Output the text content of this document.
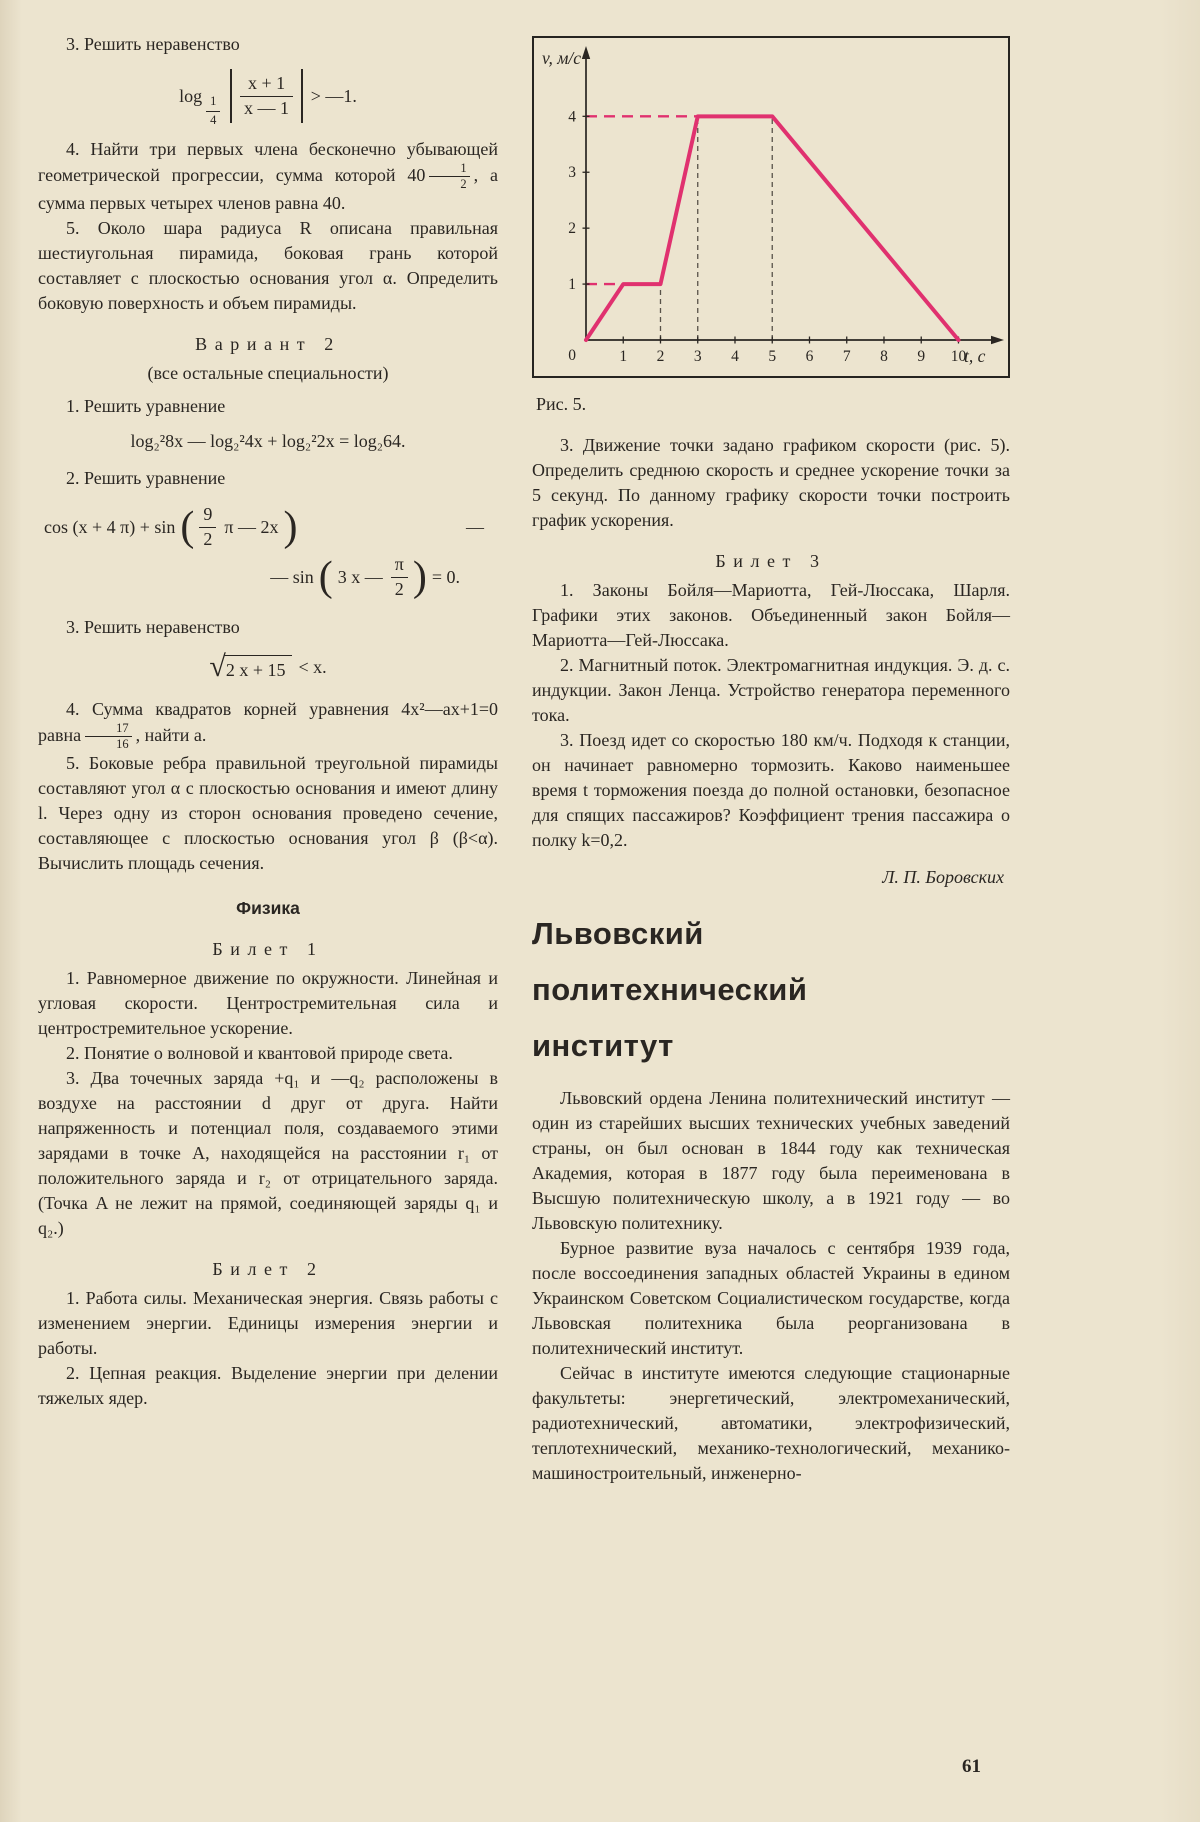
3. Решить неравенство

$\log \frac{1}{4} \frac{x + 1}{x — 1}$ > —1.

4. Найти три первых члена бесконечно убывающей геометрической прогрессии, сумма которой $40 \frac{1}{2}$ , а сумма первых четырех членов равна 40.

5. Около шара радиуса R описана правильная шестиугольная пирамида, боковая грань которой составляет с плоскостью основания угол α. Определить боковую поверхность и объем пирамиды.

Вариант 2
(все остальные специальности)

1. Решить уравнение

log₂²8x — log₂²4x + log₂²2x = log₂64.

2. Решить уравнение

cos (x + 4 π) + sin ( $\frac{9}{2}$ π — 2x )	—
— sin ( 3 x — $\frac{\pi}{2}$ ) = 0.

3. Решить неравенство

√ 2 x + 15 < x.

4. Сумма квадратов корней уравнения 4x²—ax+1=0 равна $\frac{17}{16}$ , найти a.

5. Боковые ребра правильной треугольной пирамиды составляют угол α с плоскостью основания и имеют длину l. Через одну из сторон основания проведено сечение, составляющее с плоскостью основания угол β (β<α). Вычислить площадь сечения.

Физика
Билет 1

1. Равномерное движение по окружности. Линейная и угловая скорости. Центростремительная сила и центростремительное ускорение.

2. Понятие о волновой и квантовой природе света.

3. Два точечных заряда +q₁ и —q₂ расположены в воздухе на расстоянии d друг от друга. Найти напряженность и потенциал поля, создаваемого этими зарядами в точке A, находящейся на расстоянии r₁ от положительного заряда и r₂ от отрицательного заряда. (Точка A не лежит на прямой, соединяющей заряды q₁ и q₂.)

Билет 2

1. Работа силы. Механическая энергия. Связь работы с изменением энергии. Единицы измерения энергии и работы.

2. Цепная реакция. Выделение энергии при делении тяжелых ядер.

1 2 3 4 5 6 7 8 9 10
1
2
3
4
0
v, м/с
t, c

Рис. 5.

3. Движение точки задано графиком скорости (рис. 5). Определить среднюю скорость и среднее ускорение точки за 5 секунд. По данному графику скорости точки построить график ускорения.

Билет 3

1. Законы Бойля—Мариотта, Гей-Люссака, Шарля. Графики этих законов. Объединенный закон Бойля—Мариотта—Гей-Люссака.

2. Магнитный поток. Электромагнитная индукция. Э. д. с. индукции. Закон Ленца. Устройство генератора переменного тока.

3. Поезд идет со скоростью 180 км/ч. Подходя к станции, он начинает равномерно тормозить. Каково наименьшее время t торможения поезда до полной остановки, безопасное для спящих пассажиров? Коэффициент трения пассажира о полку k=0,2.

Л. П. Боровских
Львовский
политехнический
институт

Львовский ордена Ленина политехнический институт — один из старейших высших технических учебных заведений страны, он был основан в 1844 году как техническая Академия, которая в 1877 году была переименована в Высшую политехническую школу, а в 1921 году — во Львовскую политехнику.

Бурное развитие вуза началось с сентября 1939 года, после воссоединения западных областей Украины в едином Украинском Советском Социалистическом государстве, когда Львовская политехника была реорганизована в политехнический институт.

Сейчас в институте имеются следующие стационарные факультеты: энергетический, электромеханический, радиотехнический, автоматики, электрофизический, теплотехнический, механико-технологический, механико-машиностроительный, инженерно-

61
